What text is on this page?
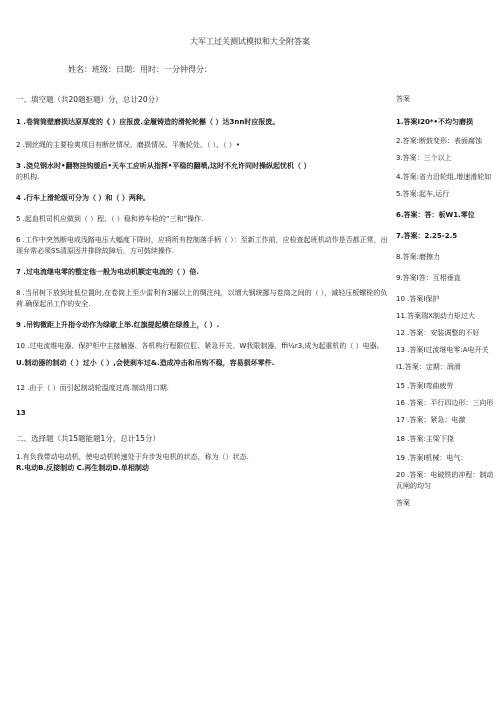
大军工过关测试模拟和大全附答案
姓名：班级：日期：用时：一分钟得分：

一、填空题（共20题拒题）分，总计20分）

1 .卷筒筒壁磨损达原厚度的《 ）应报废.金履铸造的滑轮轮槲（ ）达3nn时应报废。

2 .钢丝绳的主要检爽项目有断丝情况、磨损情况、平衡轮处、（ ）、（ ）•

3 .浇兑钢水时•翻物挂钩缓后•天车工应听从指挥•平稳的翻喷,这时不允许同时操纵起忧机（ ）

的机构.

4 .行车上滑轮级可分为（ ）和（ ）两种。

5 .起血机司机应做到（ ）程、（ ）稳和停车检的“三和”操作.

6 .工作中突然断电或浅路电压大幅度下降时，应将所有控制落手柄（ ）：至新工作前，应检查起班机动作是否都正常，出现弁常必须SS清原因并排除故障后，方可鼓续操作.

7 .过电流继电零的整定他一般为电动机额定电流的（ ）倍.

8 .当吊树下放到址低位置时,在卷筒上至少雷利有3圈以上的绸注纯，以增大钢统挪与卷筒之间的（ ），减轻压板螺栓的负荷.确保起吊工作的安全.

9 .吊钩微距上升指令动作为绿歇上举.红旗提起横在绿推上，（ ）.

10 .过电流维电器、保护柜中主接触器、各机构行程限位肛、紧急开关、W我限制器、ffi¼r3,成为起重机的（ ）电器。

U.制动器的制动（ ）过小（ ）,会使刹车过&.造成冲击和吊钩不稳，容易损坏零件.

12 .由于（ ）而引起制动轮温度过高.制动用口期.

13

二、选择题（共15题能题1分，总计15分）

1.有负我带动电动机，使电动机转速处于弁步发电机的状态，称为（）状态.

R.电动B.反接制动 C.再生制动D.单相制动

答案

1.答案I20*•不均匀磨损

2.答案:断鼓变形：表面腐蚀

3.答案：三个以上

4.答案:省力沿轮组,增速滑轮如

5.答案:起车,运行

6.答案：答：板W1.零位

7.答案：2.25-2.5

8.答案:磨擦力

9.答案I答：互相垂直

10 .答案I保护

11.答案瑞X制动力矩过大

12 .答案：安装调整的不好

13 .答案I过流继电零:A电开关

I1.答案：定期：润滑

15 .答案I弯曲疲劳

16 .答案：平行四边形：三向形

17 .答案；紧急；电激

18 .答案:主梁下挠

19 .答案I机械：电气：

20 .答案：电破铁的冲程：制动瓦闸的均匀

答案
